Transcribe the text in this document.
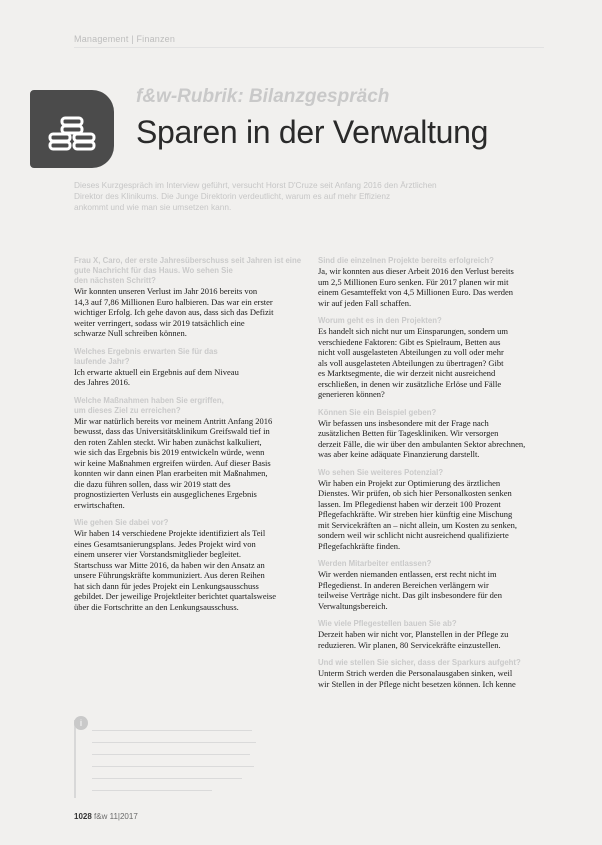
Management | Finanzen
f&w-Rubrik: Bilanzgespräch
Sparen in der Verwaltung
Dieses Kurzgespräch im Interview geführt, versucht Horst D'Cruze seit Anfang 2016 den Ärztlichen
Direktor des Klinikums. Die Junge Direktorin verdeutlicht, warum es auf mehr Effizienz
ankommt und wie man sie umsetzen kann.
Frau X, Caro, der erste Jahresüberschuss seit Jahren ist eine
gute Nachricht für das Haus. Wo sehen Sie
den nächsten Schritt?
Wir konnten unseren Verlust im Jahr 2016 bereits von
14,3 auf 7,86 Millionen Euro halbieren. Das war ein erster
wichtiger Erfolg. Ich gehe davon aus, dass sich das Defizit
weiter verringert, sodass wir 2019 tatsächlich eine
schwarze Null schreiben können.
Welches Ergebnis erwarten Sie für das
laufende Jahr?
Ich erwarte aktuell ein Ergebnis auf dem Niveau
des Jahres 2016.
Welche Maßnahmen haben Sie ergriffen,
um dieses Ziel zu erreichen?
Mir war natürlich bereits vor meinem Antritt Anfang 2016
bewusst, dass das Universitätsklinikum Greifswald tief in
den roten Zahlen steckt. Wir haben zunächst kalkuliert,
wie sich das Ergebnis bis 2019 entwickeln würde, wenn
wir keine Maßnahmen ergreifen würden. Auf dieser Basis
konnten wir dann einen Plan erarbeiten mit Maßnahmen,
die dazu führen sollen, dass wir 2019 statt des
prognostizierten Verlusts ein ausgeglichenes Ergebnis
erwirtschaften.
Wie gehen Sie dabei vor?
Wir haben 14 verschiedene Projekte identifiziert als Teil
eines Gesamtsanierungsplans. Jedes Projekt wird von
einem unserer vier Vorstandsmitglieder begleitet.
Startschuss war Mitte 2016, da haben wir den Ansatz an
unsere Führungskräfte kommuniziert. Aus deren Reihen
hat sich dann für jedes Projekt ein Lenkungsausschuss
gebildet. Der jeweilige Projektleiter berichtet quartalsweise
über die Fortschritte an den Lenkungsausschuss.
Sind die einzelnen Projekte bereits erfolgreich?
Ja, wir konnten aus dieser Arbeit 2016 den Verlust bereits
um 2,5 Millionen Euro senken. Für 2017 planen wir mit
einem Gesamteffekt von 4,5 Millionen Euro. Das werden
wir auf jeden Fall schaffen.
Worum geht es in den Projekten?
Es handelt sich nicht nur um Einsparungen, sondern um
verschiedene Faktoren: Gibt es Spielraum, Betten aus
nicht voll ausgelasteten Abteilungen zu voll oder mehr
als voll ausgelasteten Abteilungen zu übertragen? Gibt
es Marktsegmente, die wir derzeit nicht ausreichend
erschließen, in denen wir zusätzliche Erlöse und Fälle
generieren können?
Können Sie ein Beispiel geben?
Wir befassen uns insbesondere mit der Frage nach
zusätzlichen Betten für Tageskliniken. Wir versorgen
derzeit Fälle, die wir über den ambulanten Sektor abrechnen,
was aber keine adäquate Finanzierung darstellt.
Wo sehen Sie weiteres Potenzial?
Wir haben ein Projekt zur Optimierung des ärztlichen
Dienstes. Wir prüfen, ob sich hier Personalkosten senken
lassen. Im Pflegedienst haben wir derzeit 100 Prozent
Pflegefachkräfte. Wir streben hier künftig eine Mischung
mit Servicekräften an – nicht allein, um Kosten zu senken,
sondern weil wir schlicht nicht ausreichend qualifizierte
Pflegefachkräfte finden.
Werden Mitarbeiter entlassen?
Wir werden niemanden entlassen, erst recht nicht im
Pflegedienst. In anderen Bereichen verlängern wir
teilweise Verträge nicht. Das gilt insbesondere für den
Verwaltungsbereich.
Wie viele Pflegestellen bauen Sie ab?
Derzeit haben wir nicht vor, Planstellen in der Pflege zu
reduzieren. Wir planen, 80 Servicekräfte einzustellen.
Und wie stellen Sie sicher, dass der Sparkurs aufgeht?
Unterm Strich werden die Personalausgaben sinken, weil
wir Stellen in der Pflege nicht besetzen können. Ich kenne
i
1028 f&w 11|2017
